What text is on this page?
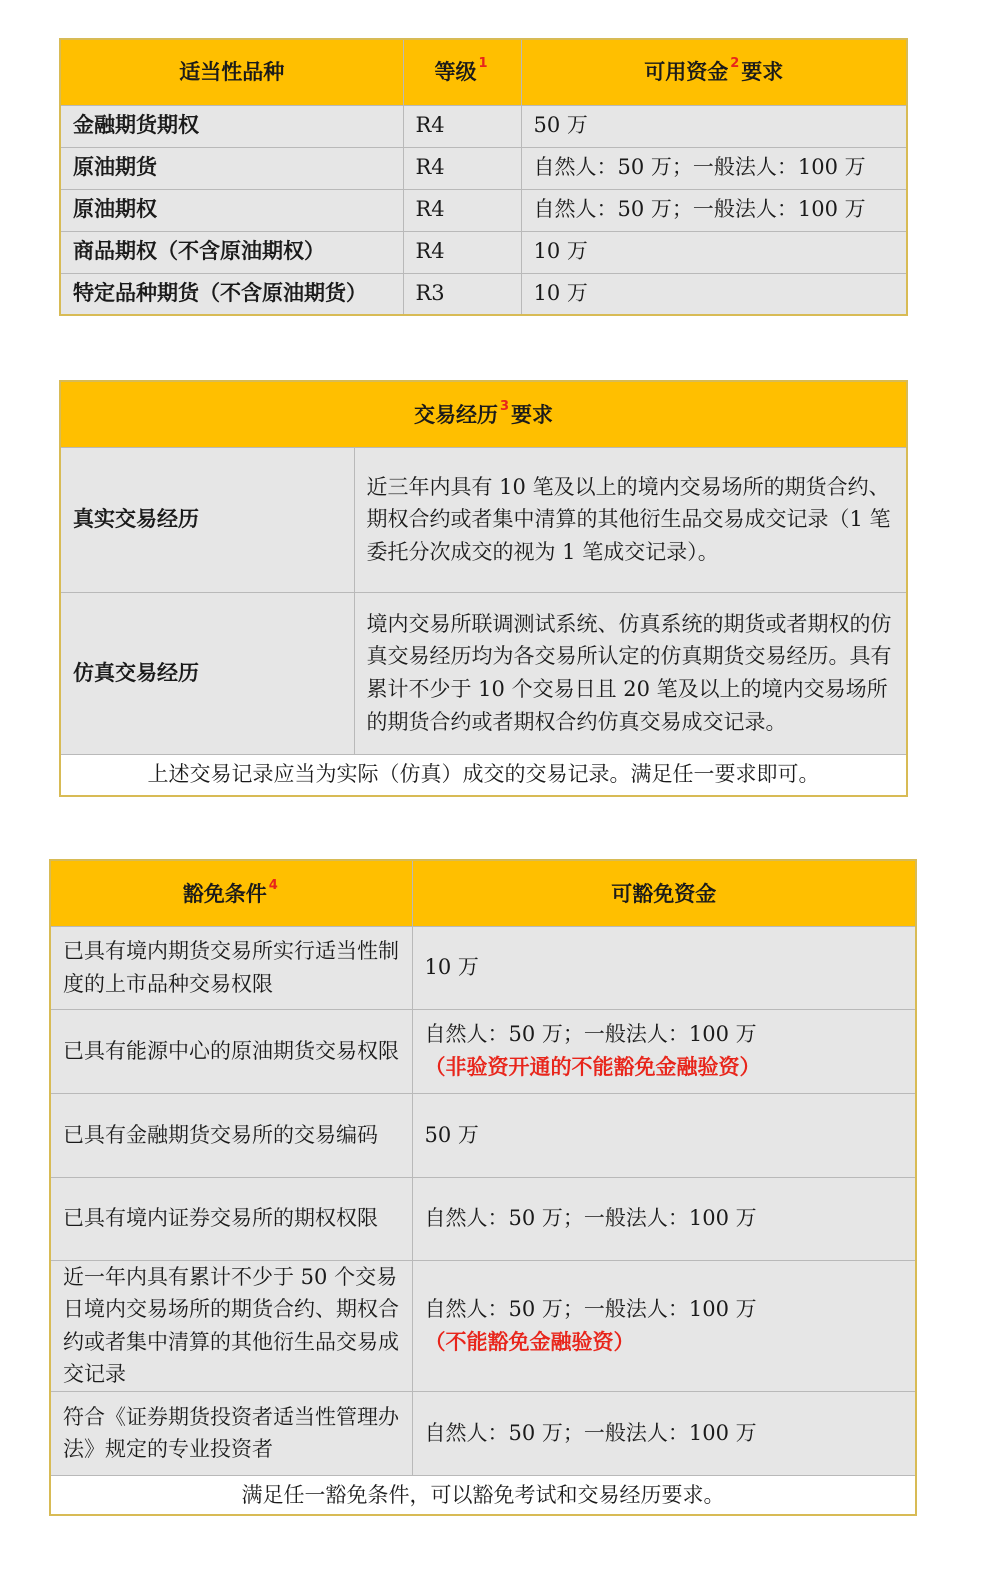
适当性品种	等级 $^1$	可用资金 $^2$要求
金融期货期权	R4	50 万
原油期货	R4	自然人：50 万；一般法人：100 万
原油期权	R4	自然人：50 万；一般法人：100 万
商品期权（不含原油期权）	R4	10 万
特定品种期货（不含原油期货）	R3	10 万
交易经历 $^3$要求	
真实交易经历	近三年内具有 10 笔及以上的境内交易场所的期货合约、期权合约或者集中清算的其他衍生品交易成交记录（1 笔委托分次成交的视为 1 笔成交记录）。
仿真交易经历	境内交易所联调测试系统、仿真系统的期货或者期权的仿真交易经历均为各交易所认定的仿真期货交易经历。具有累计不少于 10 个交易日且 20 笔及以上的境内交易场所的期货合约或者期权合约仿真交易成交记录。
上述交易记录应当为实际（仿真）成交的交易记录。满足任一要求即可。	
豁免条件 $^4$	可豁免资金
已具有境内期货交易所实行适当性制度的上市品种交易权限	10 万
已具有能源中心的原油期货交易权限	自然人：50 万；一般法人：100 万
（非验资开通的不能豁免金融验资）

已具有金融期货交易所的交易编码	50 万
已具有境内证券交易所的期权权限	自然人：50 万；一般法人：100 万
近一年内具有累计不少于 50 个交易日境内交易场所的期货合约、期权合约或者集中清算的其他衍生品交易成交记录	自然人：50 万；一般法人：100 万
（不能豁免金融验资）

符合《证券期货投资者适当性管理办法》规定的专业投资者	自然人：50 万；一般法人：100 万
满足任一豁免条件，可以豁免考试和交易经历要求。	
